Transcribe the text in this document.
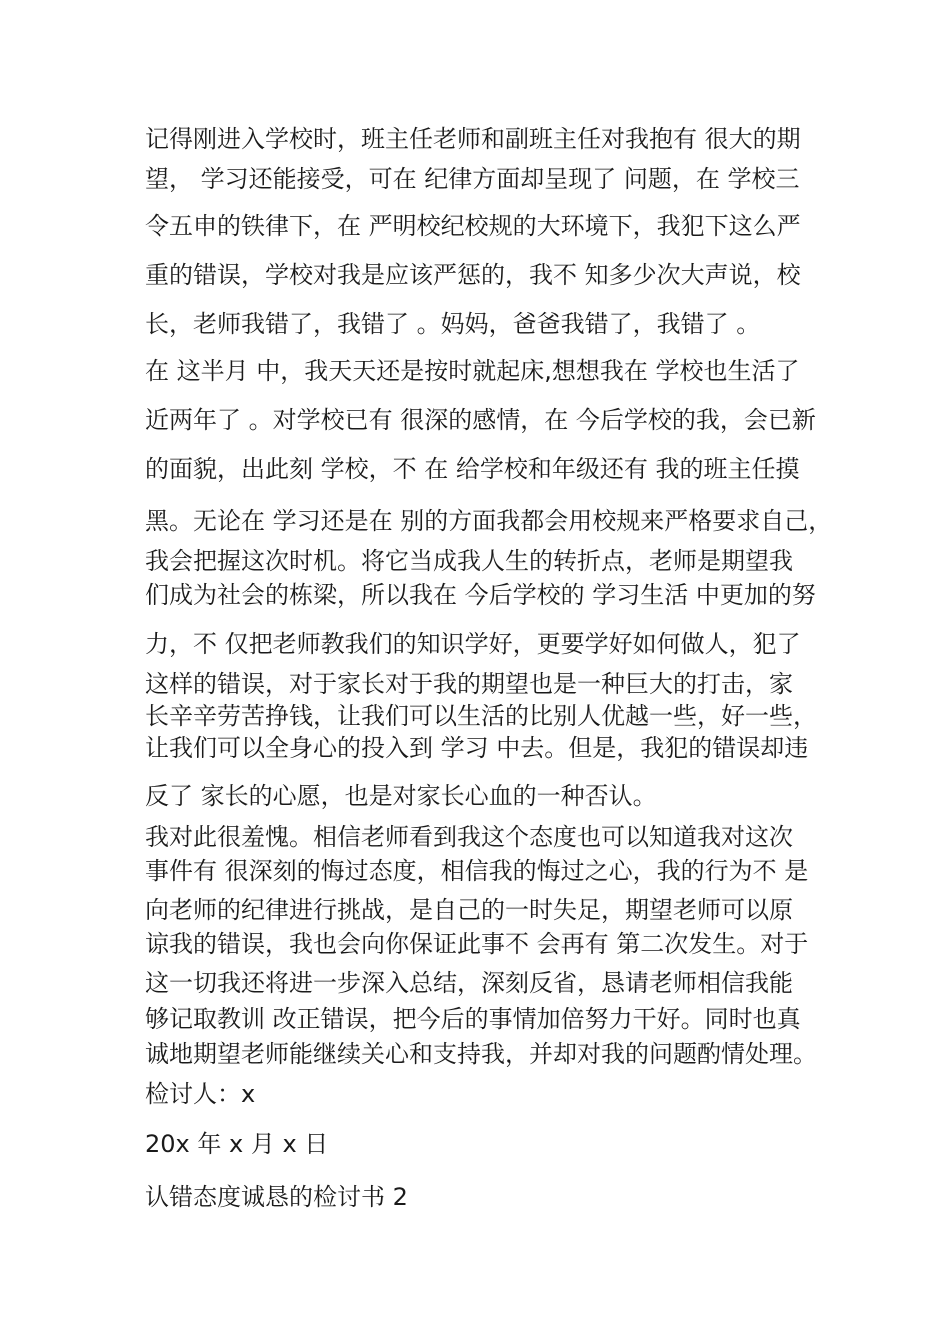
记得刚进入学校时，班主任老师和副班主任对我抱有 很大的期
望， 学习还能接受，可在 纪律方面却呈现了 问题，在 学校三
令五申的铁律下，在 严明校纪校规的大环境下，我犯下这么严
重的错误，学校对我是应该严惩的，我不 知多少次大声说，校
长，老师我错了，我错了 。妈妈，爸爸我错了，我错了 。
在 这半月 中，我天天还是按时就起床,想想我在 学校也生活了
近两年了 。对学校已有 很深的感情，在 今后学校的我，会已新
的面貌，出此刻 学校，不 在 给学校和年级还有 我的班主任摸
黑。无论在 学习还是在 别的方面我都会用校规来严格要求自己，
我会把握这次时机。将它当成我人生的转折点，老师是期望我
们成为社会的栋梁，所以我在 今后学校的 学习生活 中更加的努
力，不 仅把老师教我们的知识学好，更要学好如何做人，犯了
这样的错误，对于家长对于我的期望也是一种巨大的打击，家
长辛辛劳苦挣钱，让我们可以生活的比别人优越一些，好一些，
让我们可以全身心的投入到 学习 中去。但是，我犯的错误却违
反了 家长的心愿，也是对家长心血的一种否认。
我对此很羞愧。相信老师看到我这个态度也可以知道我对这次
事件有 很深刻的悔过态度，相信我的悔过之心，我的行为不 是
向老师的纪律进行挑战，是自己的一时失足，期望老师可以原
谅我的错误，我也会向你保证此事不 会再有 第二次发生。对于
这一切我还将进一步深入总结，深刻反省，恳请老师相信我能
够记取教训 改正错误，把今后的事情加倍努力干好。同时也真
诚地期望老师能继续关心和支持我，并却对我的问题酌情处理。
检讨人：x
20x 年 x 月 x 日
认错态度诚恳的检讨书 2
